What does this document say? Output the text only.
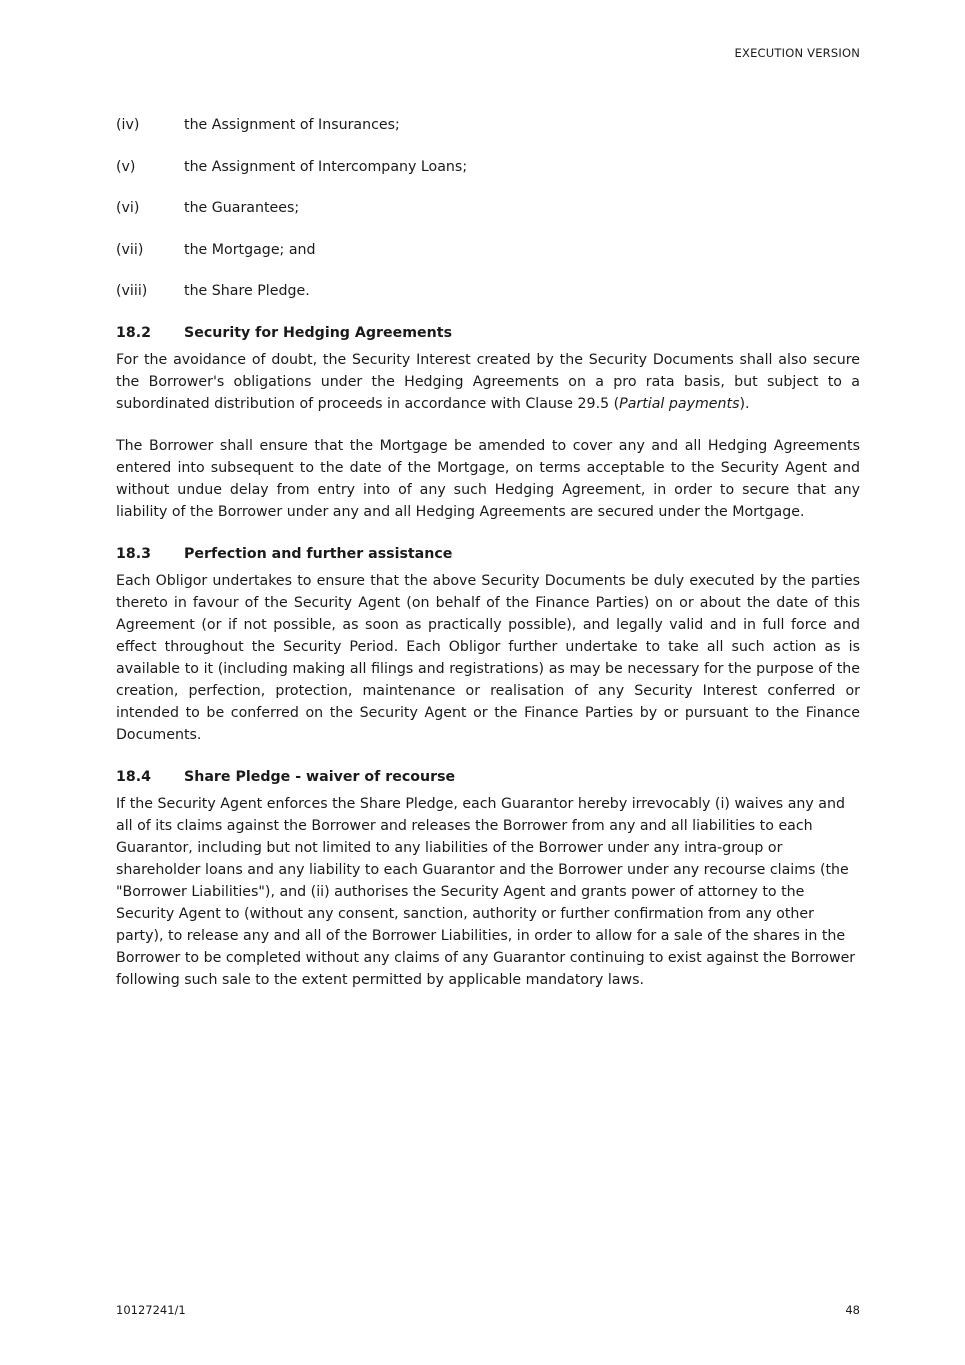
EXECUTION VERSION
(iv)	the Assignment of Insurances;
(v)	the Assignment of Intercompany Loans;
(vi)	the Guarantees;
(vii)	the Mortgage; and
(viii)	the Share Pledge.
18.2	Security for Hedging Agreements

For the avoidance of doubt, the Security Interest created by the Security Documents shall also secure the Borrower's obligations under the Hedging Agreements on a pro rata basis, but subject to a subordinated distribution of proceeds in accordance with Clause 29.5 (Partial payments).

The Borrower shall ensure that the Mortgage be amended to cover any and all Hedging Agreements entered into subsequent to the date of the Mortgage, on terms acceptable to the Security Agent and without undue delay from entry into of any such Hedging Agreement, in order to secure that any liability of the Borrower under any and all Hedging Agreements are secured under the Mortgage.

18.3	Perfection and further assistance

Each Obligor undertakes to ensure that the above Security Documents be duly executed by the parties thereto in favour of the Security Agent (on behalf of the Finance Parties) on or about the date of this Agreement (or if not possible, as soon as practically possible), and legally valid and in full force and effect throughout the Security Period. Each Obligor further undertake to take all such action as is available to it (including making all filings and registrations) as may be necessary for the purpose of the creation, perfection, protection, maintenance or realisation of any Security Interest conferred or intended to be conferred on the Security Agent or the Finance Parties by or pursuant to the Finance Documents.

18.4	Share Pledge - waiver of recourse

If the Security Agent enforces the Share Pledge, each Guarantor hereby irrevocably (i) waives any and all of its claims against the Borrower and releases the Borrower from any and all liabilities to each Guarantor, including but not limited to any liabilities of the Borrower under any intra-group or shareholder loans and any liability to each Guarantor and the Borrower under any recourse claims (the "Borrower Liabilities"), and (ii) authorises the Security Agent and grants power of attorney to the Security Agent to (without any consent, sanction, authority or further confirmation from any other party), to release any and all of the Borrower Liabilities, in order to allow for a sale of the shares in the Borrower to be completed without any claims of any Guarantor continuing to exist against the Borrower following such sale to the extent permitted by applicable mandatory laws.

10127241/1	48
